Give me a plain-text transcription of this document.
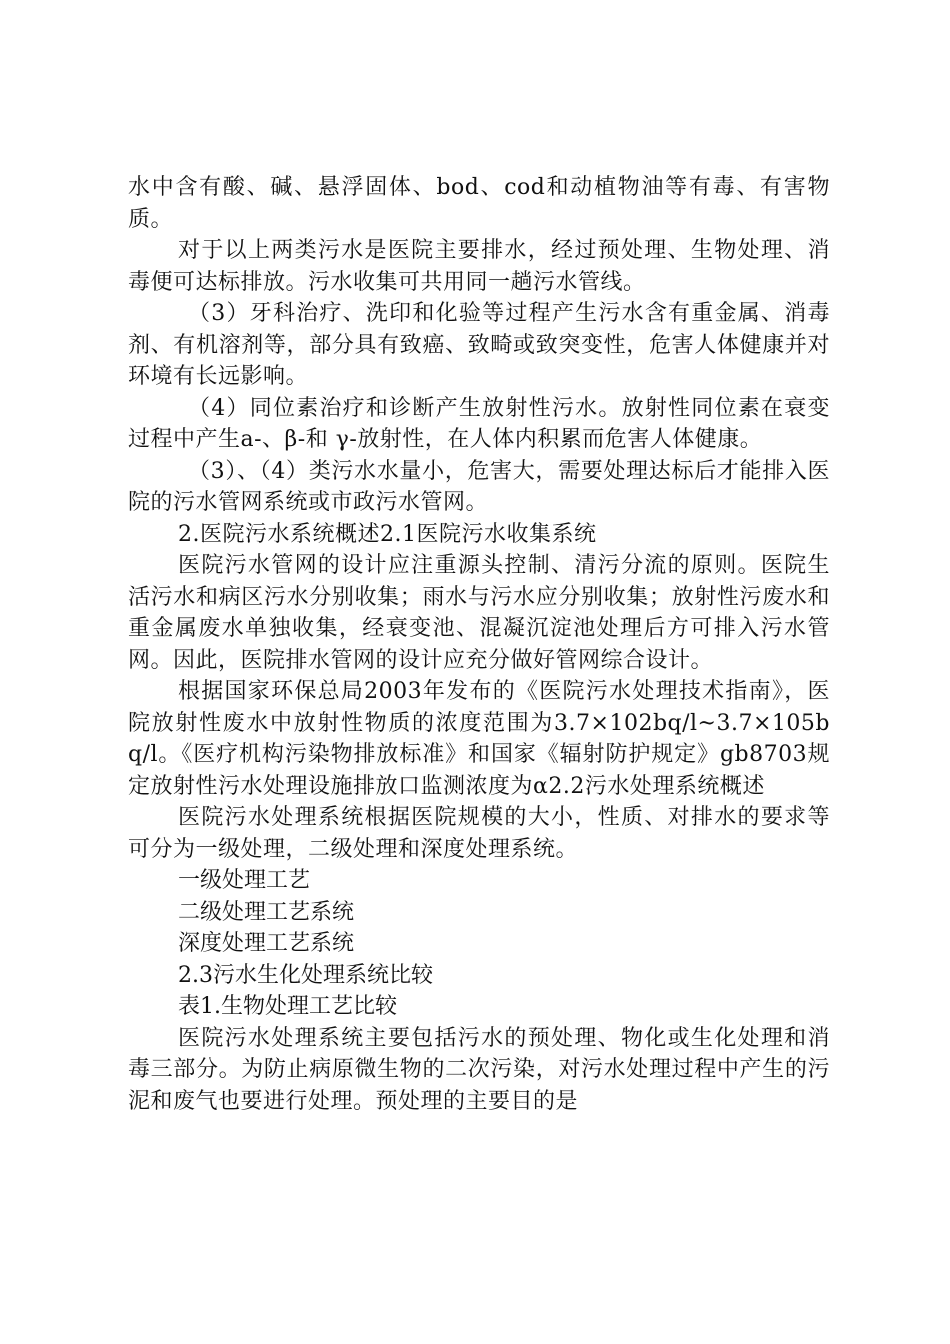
水中含有酸、碱、悬浮固体、bod、cod和动植物油等有毒、有害物质。

对于以上两类污水是医院主要排水，经过预处理、生物处理、消毒便可达标排放。污水收集可共用同一趟污水管线。

（3）牙科治疗、洗印和化验等过程产生污水含有重金属、消毒剂、有机溶剂等，部分具有致癌、致畸或致突变性，危害人体健康并对环境有长远影响。

（4）同位素治疗和诊断产生放射性污水。放射性同位素在衰变过程中产生a-、β-和 γ-放射性，在人体内积累而危害人体健康。

（3）、（4）类污水水量小，危害大，需要处理达标后才能排入医院的污水管网系统或市政污水管网。

2.医院污水系统概述2.1医院污水收集系统

医院污水管网的设计应注重源头控制、清污分流的原则。医院生活污水和病区污水分别收集；雨水与污水应分别收集；放射性污废水和重金属废水单独收集，经衰变池、混凝沉淀池处理后方可排入污水管网。因此，医院排水管网的设计应充分做好管网综合设计。

根据国家环保总局2003年发布的《医院污水处理技术指南》，医院放射性废水中放射性物质的浓度范围为3.7×102bq/l~3.7×105bq/l。《医疗机构污染物排放标准》和国家《辐射防护规定》gb8703规定放射性污水处理设施排放口监测浓度为α2.2污水处理系统概述

医院污水处理系统根据医院规模的大小，性质、对排水的要求等可分为一级处理，二级处理和深度处理系统。

一级处理工艺

二级处理工艺系统

深度处理工艺系统

2.3污水生化处理系统比较

表1.生物处理工艺比较

医院污水处理系统主要包括污水的预处理、物化或生化处理和消毒三部分。为防止病原微生物的二次污染，对污水处理过程中产生的污泥和废气也要进行处理。预处理的主要目的是
